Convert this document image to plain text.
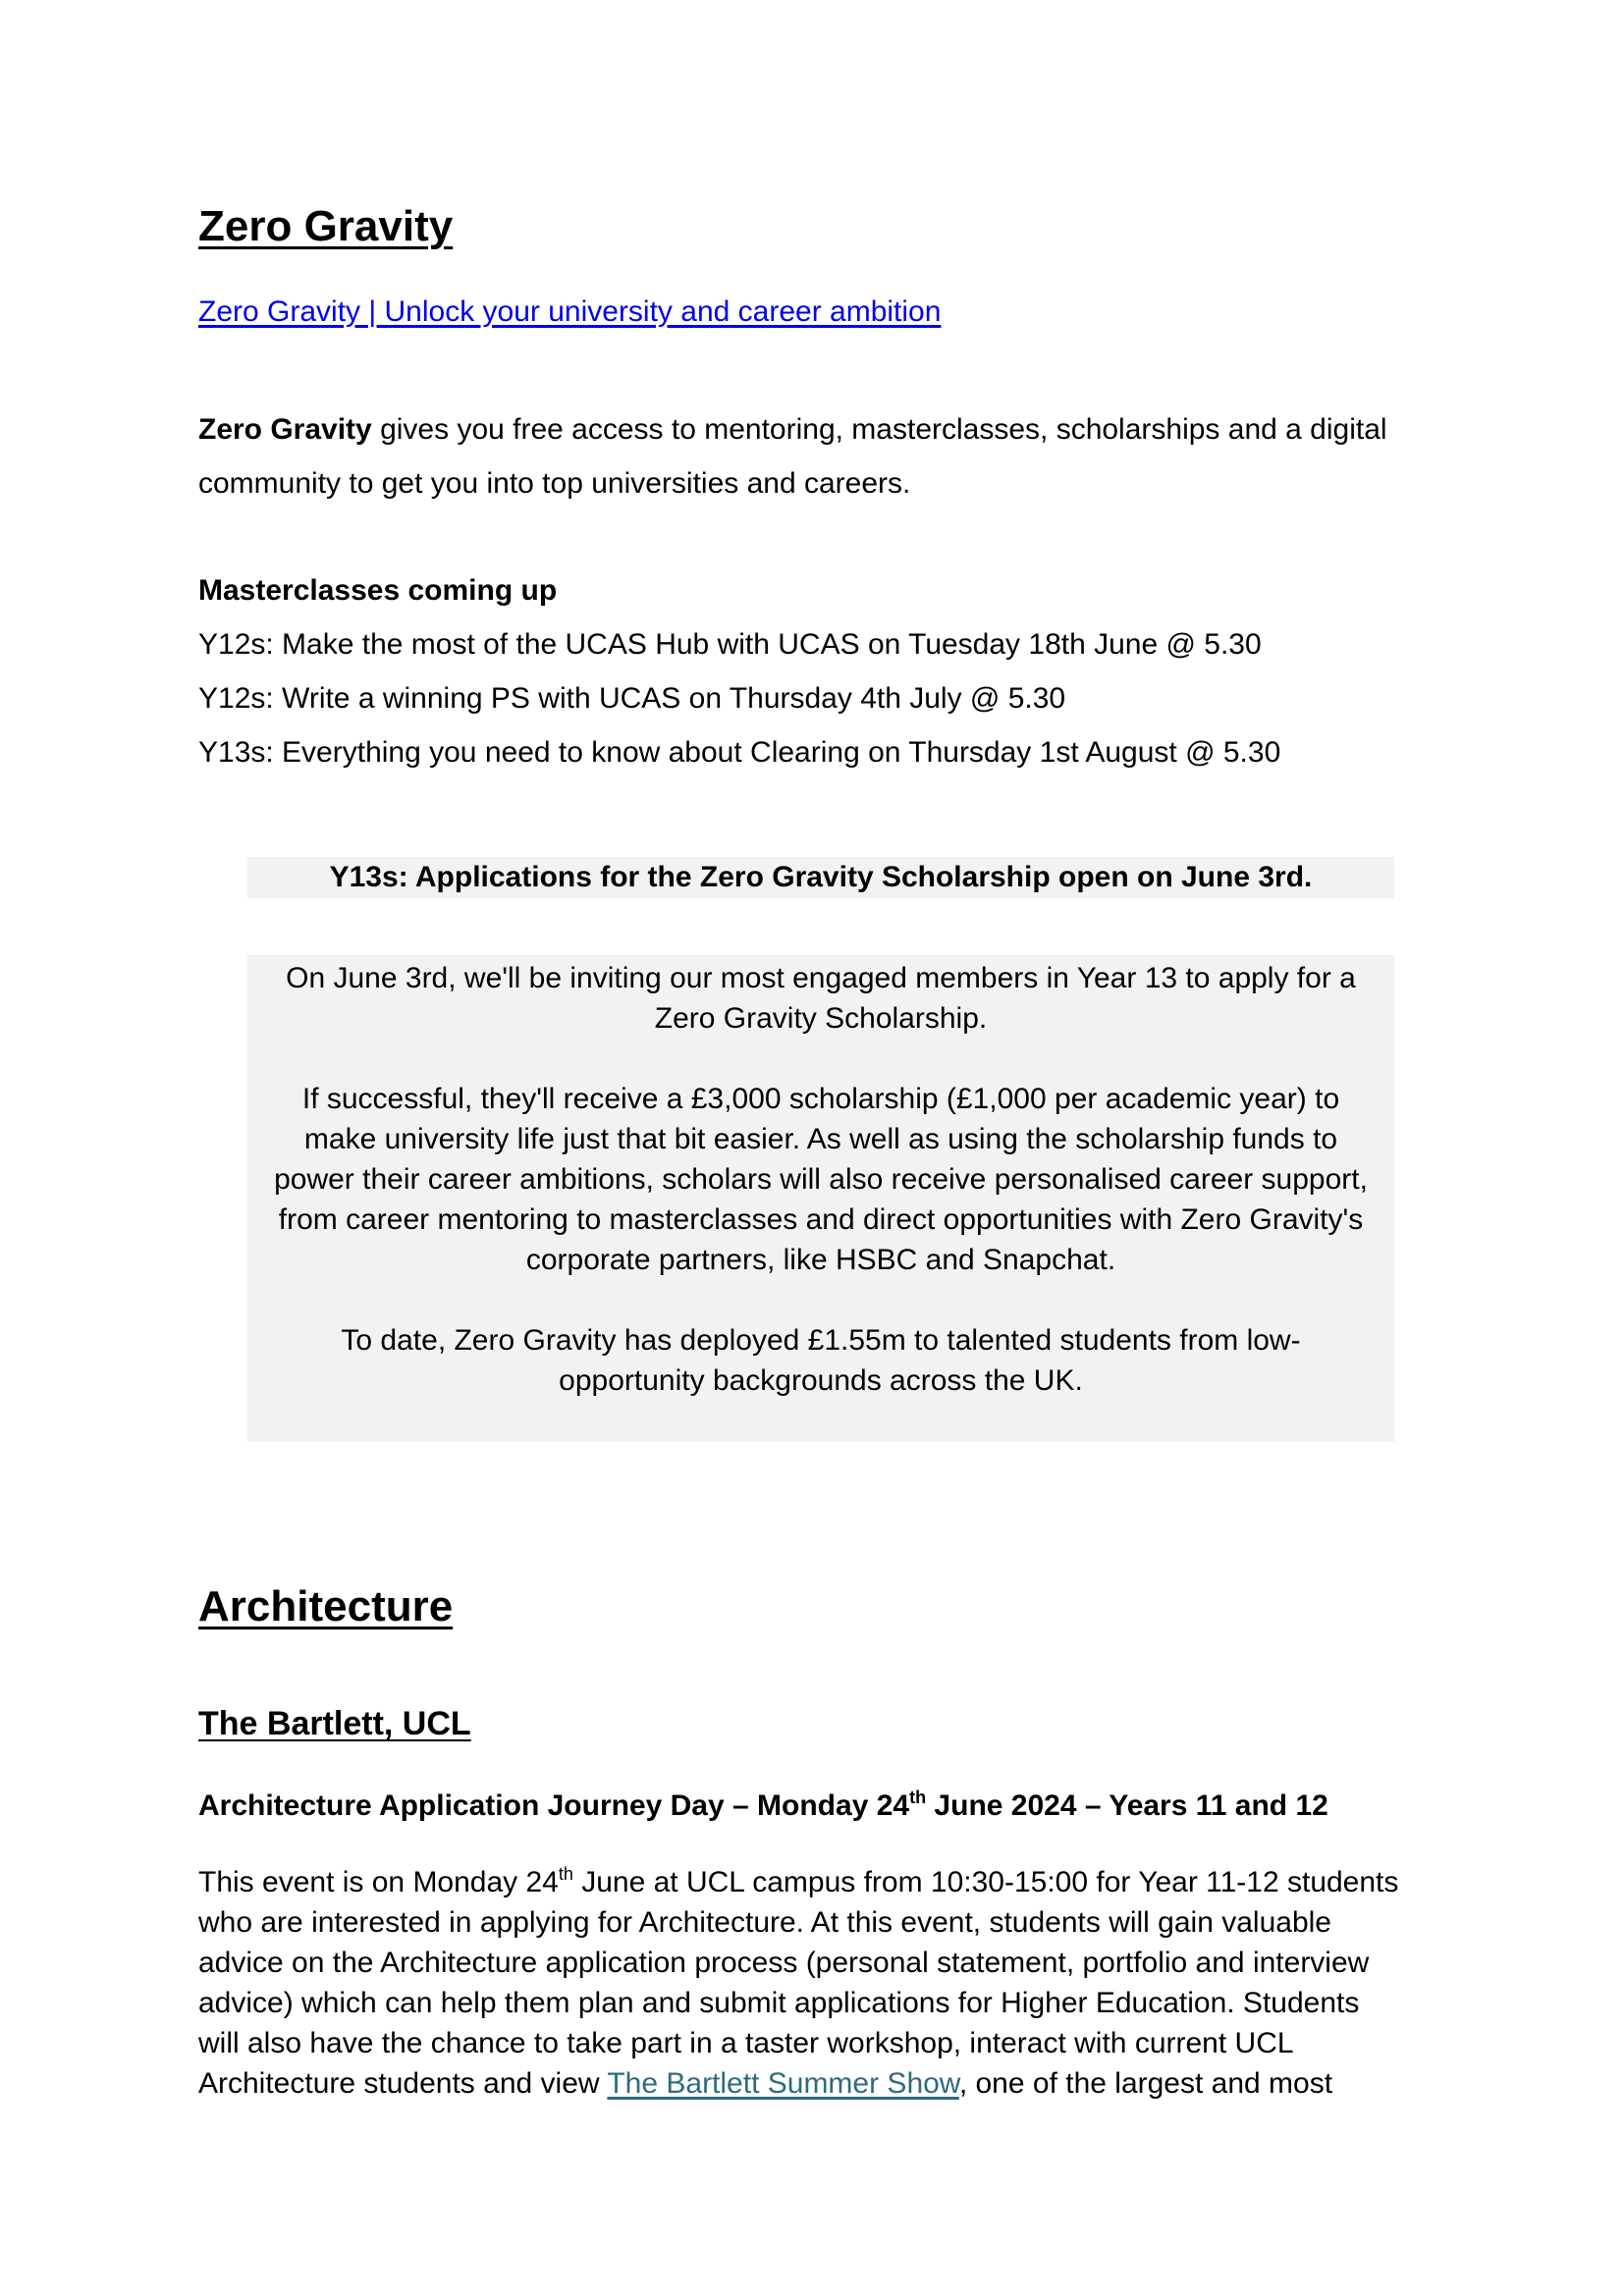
Zero Gravity
Zero Gravity | Unlock your university and career ambition
Zero Gravity gives you free access to mentoring, masterclasses, scholarships and a digital
community to get you into top universities and careers.
Masterclasses coming up
Y12s: Make the most of the UCAS Hub with UCAS on Tuesday 18th June @ 5.30
Y12s: Write a winning PS with UCAS on Thursday 4th July @ 5.30
Y13s: Everything you need to know about Clearing on Thursday 1st August @ 5.30
Y13s: Applications for the Zero Gravity Scholarship open on June 3rd.

On June 3rd, we'll be inviting our most engaged members in Year 13 to apply for a
Zero Gravity Scholarship.

If successful, they'll receive a £3,000 scholarship (£1,000 per academic year) to
make university life just that bit easier. As well as using the scholarship funds to
power their career ambitions, scholars will also receive personalised career support,
from career mentoring to masterclasses and direct opportunities with Zero Gravity's
corporate partners, like HSBC and Snapchat.

To date, Zero Gravity has deployed £1.55m to talented students from low-
opportunity backgrounds across the UK.

Architecture
The Bartlett, UCL
Architecture Application Journey Day – Monday 24th June 2024 – Years 11 and 12
This event is on Monday 24th June at UCL campus from 10:30-15:00 for Year 11-12 students
who are interested in applying for Architecture. At this event, students will gain valuable
advice on the Architecture application process (personal statement, portfolio and interview
advice) which can help them plan and submit applications for Higher Education. Students
will also have the chance to take part in a taster workshop, interact with current UCL
Architecture students and view The Bartlett Summer Show, one of the largest and most
